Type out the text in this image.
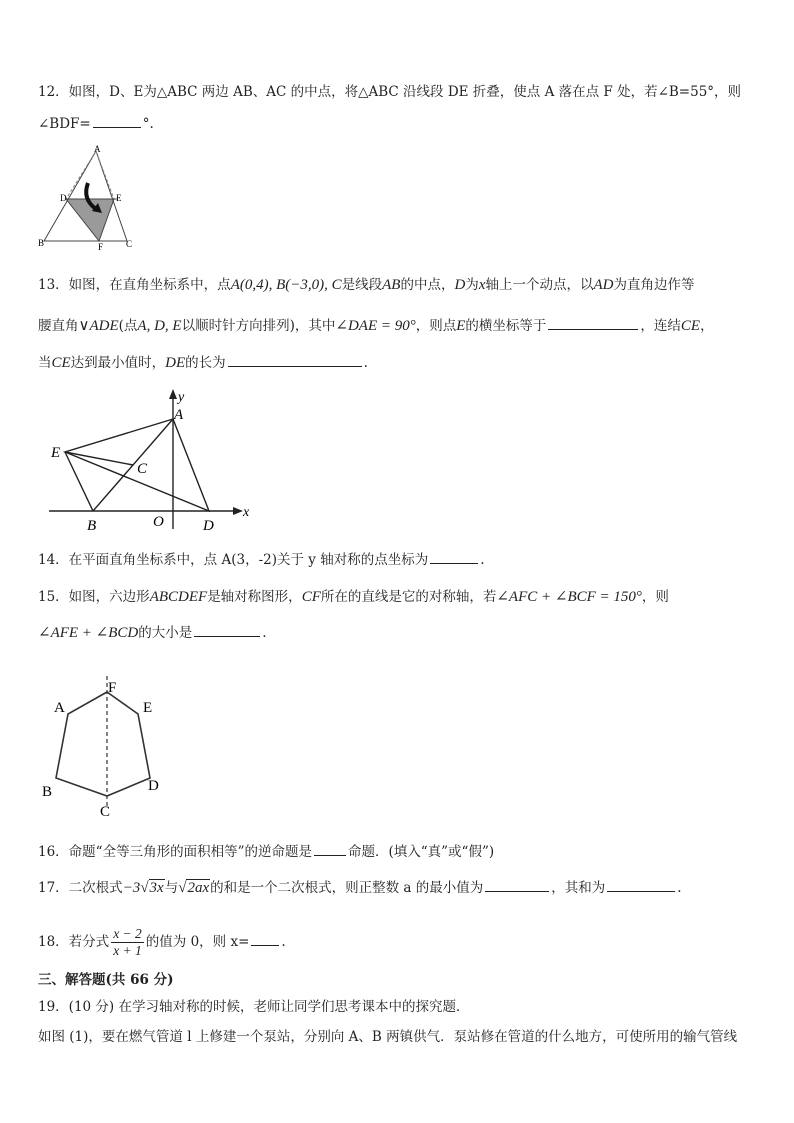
12．如图，D、E为△ABC 两边 AB、AC 的中点，将△ABC 沿线段 DE 折叠，使点 A 落在点 F 处，若∠B=55°，则
∠BDF=	°.
A
D	E
B	F	C
13．如图，在直角坐标系中，点A(0,4), B(−3,0), C是线段AB的中点，D为x轴上一个动点，以AD为直角边作等
腰直角∨ADE(点A, D, E以顺时针方向排列)，其中∠DAE = 90°，则点E的横坐标等于	，连结CE，
当CE达到最小值时，DE的长为	.
y
A
E
C
B	O	D
x
14．在平面直角坐标系中，点 A(3，-2)关于 y 轴对称的点坐标为	.
15．如图，六边形ABCDEF是轴对称图形，CF所在的直线是它的对称轴，若∠AFC + ∠BCF = 150°，则
∠AFE + ∠BCD的大小是	.
F
A	E
B	D
C
16．命题“全等三角形的面积相等”的逆命题是	命题．(填入“真”或“假”)
17．二次根式−3√3x与√2ax的和是一个二次根式，则正整数 a 的最小值为	，其和为	.
18．若分式 $\frac{x - 2}{x + 1}$ 的值为 0，则 x= .
三、解答题(共 66 分)
19．(10 分) 在学习轴对称的时候，老师让同学们思考课本中的探究题．
如图 (1)，要在燃气管道 l 上修建一个泵站，分别向 A、B 两镇供气．泵站修在管道的什么地方，可使所用的输气管线
